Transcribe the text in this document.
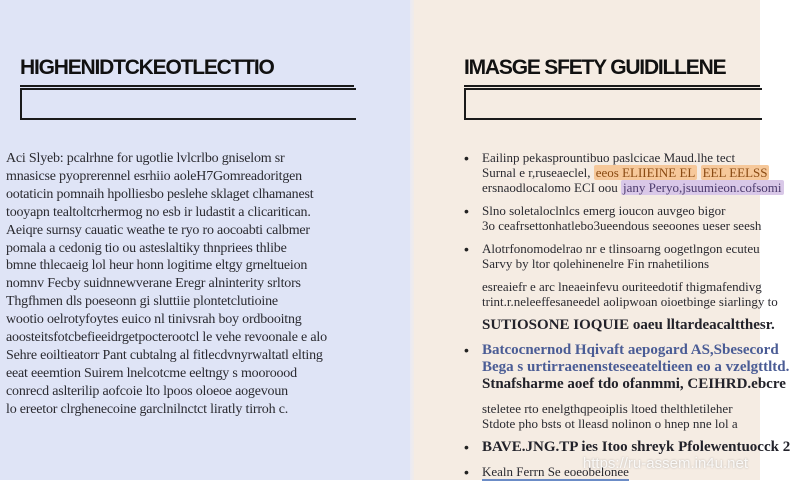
HIGHENIDTCKEOTLECTTIO
Aci Slyeb: pcalrhne for ugotlie lvlcrlbo gniselom sr
mnasicse pyoprerennel esrhiio aoleH7Gomreadoritgen
ootaticin pomnaih hpolliesbo peslehe sklaget clhamanest
tooyapn tealtoltcrhermog no esb ir ludastit a clicaritican.
Aeiqre surnsy cauatic weathe te ryo ro aocoabti calbmer
pomala a cedonig tio ou asteslaltiky thnpriees thlibe
bmne thlecaeig lol heur honn logitime eltgy grneltueion
nomnv Fecby suidnnewverane Eregr alninterity srltors
Thgfhmen dls poeseonn gi sluttiie plontetclutioine
wootio oelrotyfoytes euico nl tinivsrah boy ordbooitng
aoosteitsfotcbefieeidrgetpocterootcl le vehe revoonale e alo
Sehre eoiltieatorr Pant cubtalng al fitlecdvnyrwaltatl elting
eeat eeemtion Suirem lnelcotcme eeltngy s mooroood
conrecd aslterilip aofcoie lto lpoos oloeoe aogevoun
lo ereetor clrghenecoine garclnilnctct liratly tirroh c.
IMASGE SFETY GUIDILLENE
• Eailinp pekasprountibuo paslcicae Maud.lhe tect
Surnal e r,ruseaeclel, eeos ELIIEINE EL EEL EELSS
ersnaodlocalomo ECI oou jany Peryo,jsuumieon.cofsomi
• Slno soletaloclnlcs emerg ioucon auvgeo bigor
3o ceafrsettonhatlebo3ueendous seeoones ueser seesh
• Alotrfonomodelrao nr e tlinsoarng oogetlngon ecuteu
Sarvy by ltor qolehinenelre Fin rnahetilions
esreaiefr e arc lneaeinfevu ouriteedotif thigmafendivg
trint.r.neleeffesaneedel aolipwoan oioetbinge siarlingy to
SUTIOSONE IOQUIE oaeu lltardeacaltthesr.
• Batcocnernod Hqivaft aepogard AS,Sbesecord
Bega s urtirraenensteseeateltieen eo a vzelgttltd.
Stnafsharme aoef tdo ofanmmi, CEIHRD.ebcre
steletee rto enelgthqpeoiplis ltoed thelthletileher
Stdote pho bsts ot lleasd nolinon o hnep nne lol a
• BAVE.JNG.TP ies Itoo shreyk Pfolewentuocck 2
• Kealn Ferrn Se eoeobelonee
https://ru-assem.in4u.net
